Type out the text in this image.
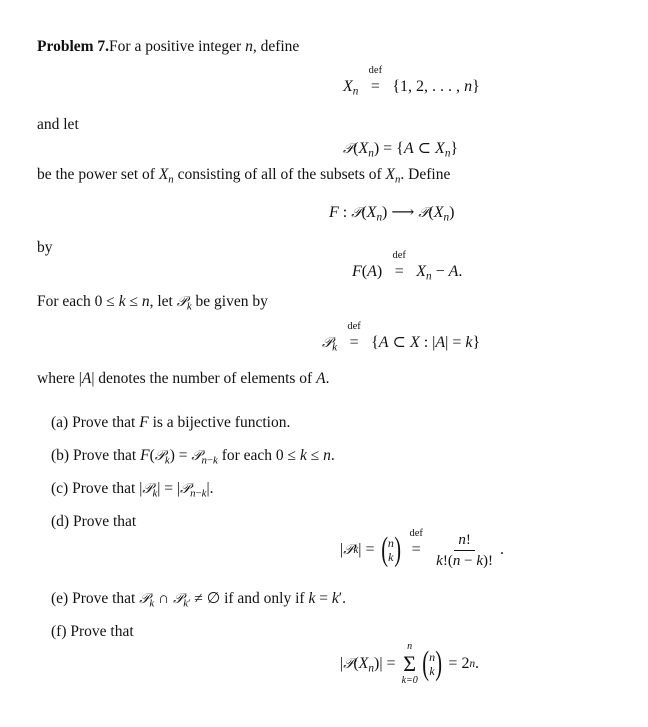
Problem 7.For a positive integer n, define
$X_n$
def
= {1, 2, . . . , n}
and let
$𝒫(X_n) = \{A$ ⊂ $X_n$}
be the power set of $X_n$ consisting of all of the subsets of $X_n$. Define
F : $𝒫(X_n)$ ⟶ $𝒫(X_n)$
by
F(A)
def
= $X_n - A$.
For each 0 ≤ k ≤ n, let 𝒫$_k$ be given by
𝒫$_k$
def
= {A ⊂ X : |A| = k}
where |A| denotes the number of elements of A.
(a) Prove that F is a bijective function.
(b) Prove that F(𝒫$_k$) = 𝒫$_{n-k}$ for each 0 ≤ k ≤ n.
(c) Prove that |𝒫$_k$| = |𝒫$_{n-k}$|.
(d) Prove that
| 𝒫 k | = ( n
k ) def
= $\frac{n!}{k!(n - k)!}$ .
(e) Prove that 𝒫$_k$ ∩ 𝒫$_{k'}$ ≠ ∅ if and only if k = k′.
(f) Prove that
| 𝒫 ( $X_n$ )| =
n
Σ
k=0 ( n
k ) = 2 n .
